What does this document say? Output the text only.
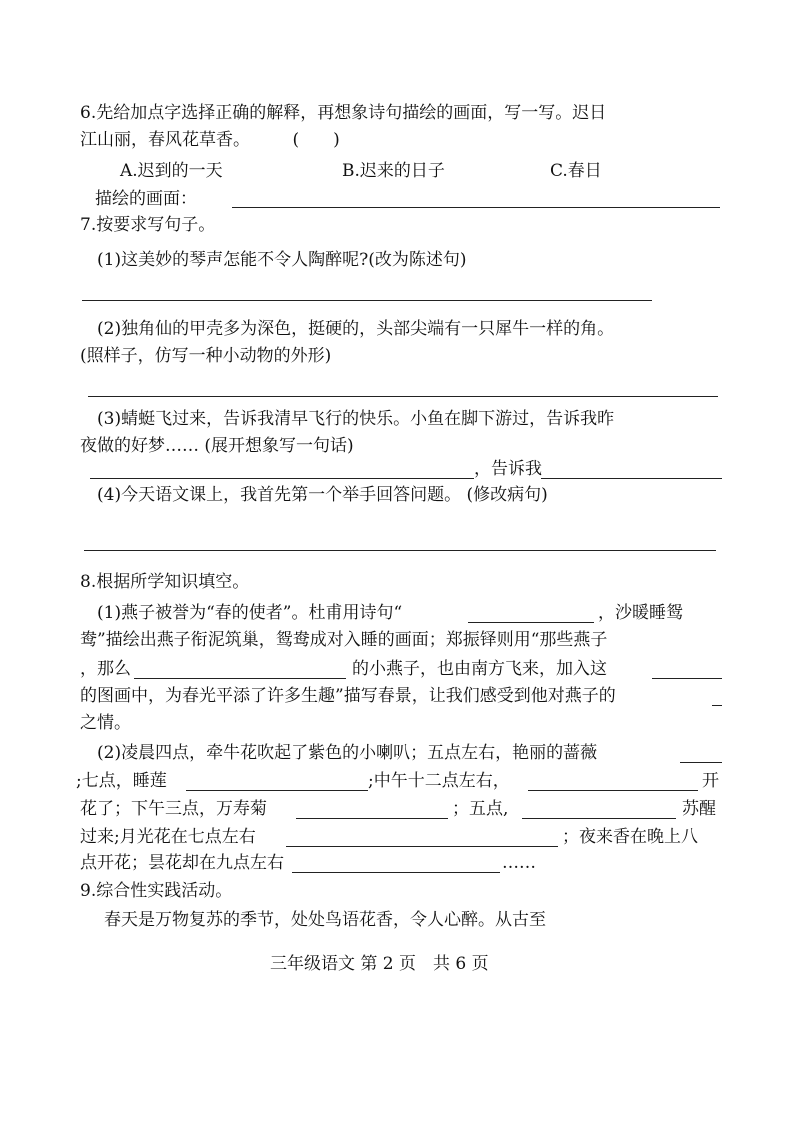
6.先给加点字选择正确的解释，再想象诗句描绘的画面，写一写。迟日
江山丽，春风花草香。　　　(　　)
A.迟到的一天	B.迟来的日子	C.春日
描绘的画面：
7.按要求写句子。
(1)这美妙的琴声怎能不令人陶醉呢?(改为陈述句)
(2)独角仙的甲壳多为深色，挺硬的，头部尖端有一只犀牛一样的角。
(照样子，仿写一种小动物的外形)
(3)蜻蜓飞过来，告诉我清早飞行的快乐。小鱼在脚下游过，告诉我昨
夜做的好梦…… (展开想象写一句话)
，告诉我
(4)今天语文课上，我首先第一个举手回答问题。 (修改病句)
8.根据所学知识填空。
(1)燕子被誉为“春的使者”。杜甫用诗句“	，沙暖睡鸳
鸯”描绘出燕子衔泥筑巢，鸳鸯成对入睡的画面；郑振铎则用“那些燕子
，那么	的小燕子，也由南方飞来，加入这
的图画中，为春光平添了许多生趣”描写春景，让我们感受到他对燕子的
之情。
(2)凌晨四点，牵牛花吹起了紫色的小喇叭；五点左右，艳丽的蔷薇
;七点，睡莲	;中午十二点左右，	开
花了；下午三点，万寿菊	；五点,	苏醒
过来;月光花在七点左右	；夜来香在晚上八
点开花；昙花却在九点左右	……
9.综合性实践活动。
春天是万物复苏的季节，处处鸟语花香，令人心醉。从古至
三年级语文 第 2 页　共 6 页
